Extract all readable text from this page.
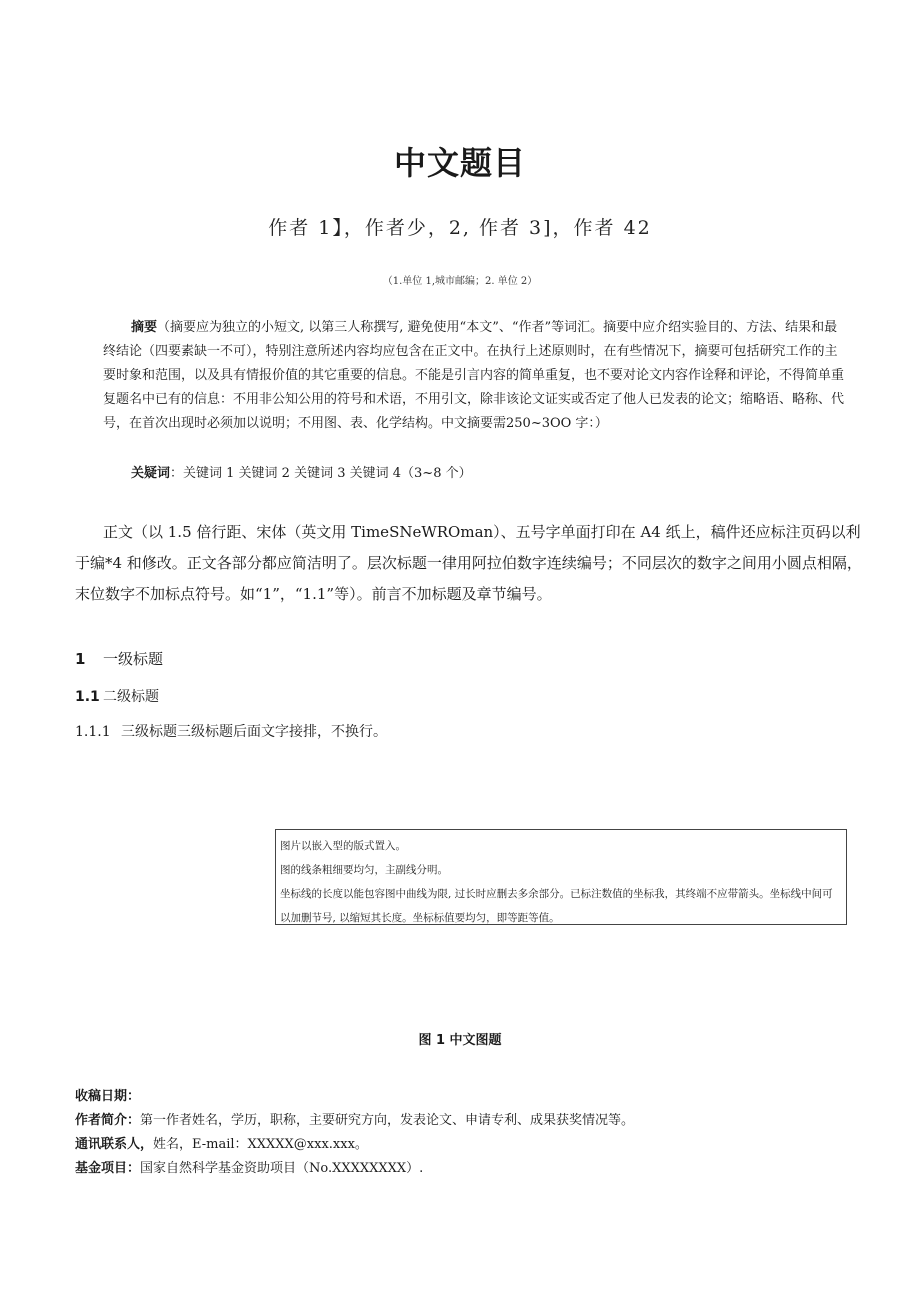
中文题目
作者 1】，作者少，2, 作者 3]，作者 42
（1.单位 1,城市邮编；2. 单位 2）

摘要（摘要应为独立的小短文, 以第三人称撰写, 避免使用“本文”、“作者”等词汇。摘要中应介绍实验目的、方法、结果和最终结论（四要素缺一不可），特别注意所述内容均应包含在正文中。在执行上述原则时，在有些情况下，摘要可包括研究工作的主要时象和范围，以及具有情报价值的其它重要的信息。不能是引言内容的简单重复，也不要对论文内容作诠释和评论，不得简单重复题名中已有的信息：不用非公知公用的符号和术语，不用引文，除非该论文证实或否定了他人已发表的论文；缩略语、略称、代号，在首次出现时必须加以说明；不用图、表、化学结构。中文摘要需250~3OO 字：）

关疑词：关键词 1 关键词 2 关键词 3 关键词 4（3~8 个）

正文（以 1.5 倍行距、宋体（英文用 TimeSNeWROman）、五号字单面打印在 A4 纸上，稿件还应标注页码以利于编*4 和修改。正文各部分都应简洁明了。层次标题一律用阿拉伯数字连续编号；不同层次的数字之间用小圆点相隔，末位数字不加标点符号。如“1”，“1.1”等）。前言不加标题及章节编号。

1 一级标题
1.1 二级标题
1.1.1 三级标题三级标题后面文字接排，不换行。
图片以嵌入型的版式置入。
图的线条粗细要均匀，主副线分明。
坐标线的长度以能包容图中曲线为限, 过长时应删去多余部分。已标注数值的坐标我，其终端不应带箭头。坐标线中间可
以加删节号, 以缩短其长度。坐标标值要均匀，即等距等值。
图 1 中文图题
收稿日期：
作者简介：第一作者姓名，学历，职称，主要研究方向，发表论文、申请专利、成果获奖情况等。
通讯联系人，姓名，E-mail：XXXXX@xxx.xxx。
基金项目：国家自然科学基金资助项目（No.XXXXXXXX）.
